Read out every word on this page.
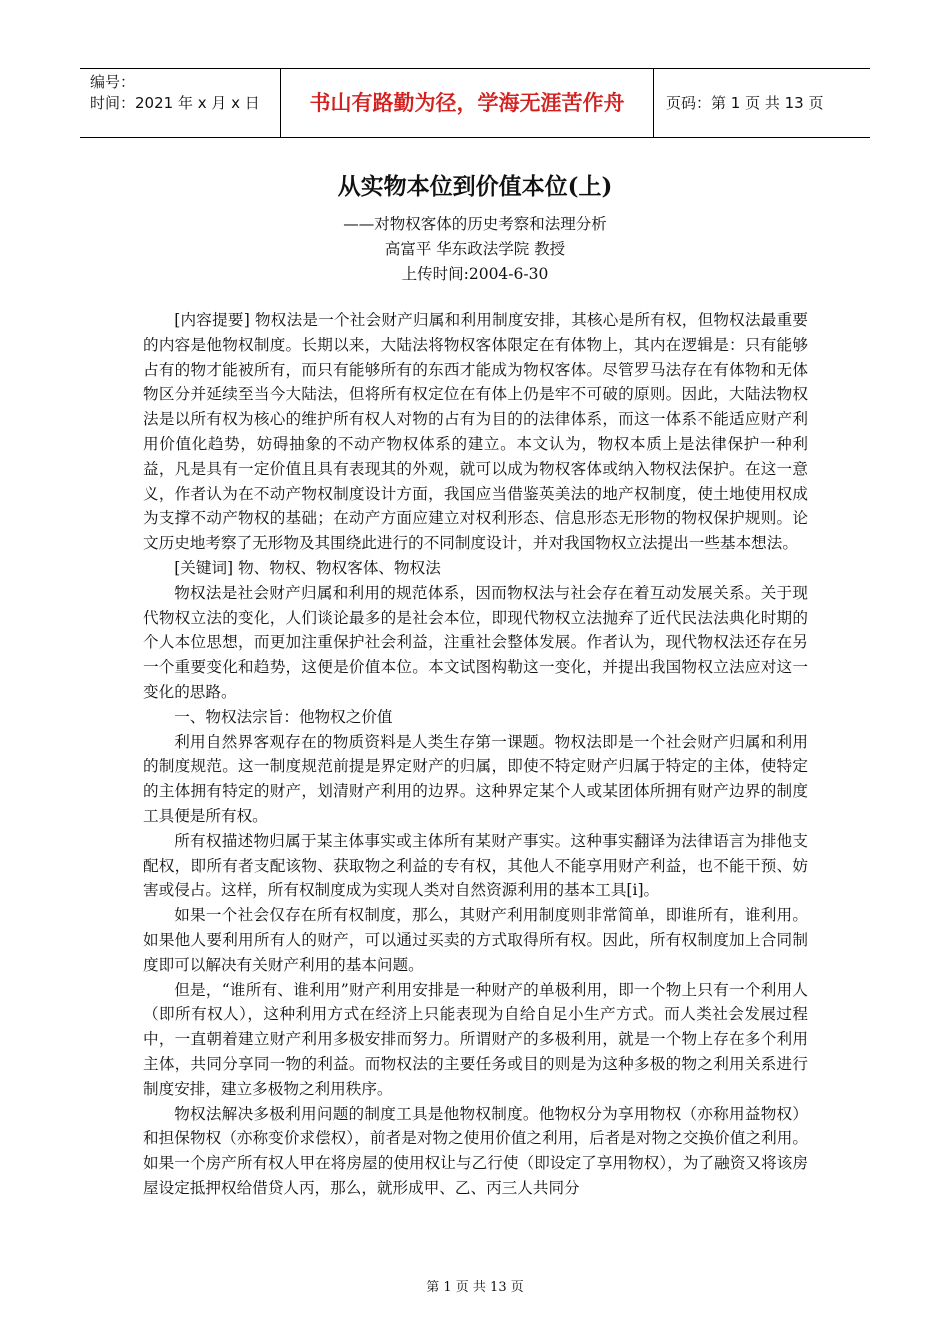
编号：
时间：2021 年 x 月 x 日	书山有路勤为径，学海无涯苦作舟	页码：第 1 页 共 13 页
从实物本位到价值本位(上)
——对物权客体的历史考察和法理分析
高富平 华东政法学院 教授
上传时间:2004-6-30

[内容提要] 物权法是一个社会财产归属和利用制度安排，其核心是所有权，但物权法最重要的内容是他物权制度。长期以来，大陆法将物权客体限定在有体物上，其内在逻辑是：只有能够占有的物才能被所有，而只有能够所有的东西才能成为物权客体。尽管罗马法存在有体物和无体物区分并延续至当今大陆法，但将所有权定位在有体上仍是牢不可破的原则。因此，大陆法物权法是以所有权为核心的维护所有权人对物的占有为目的的法律体系，而这一体系不能适应财产利用价值化趋势，妨碍抽象的不动产物权体系的建立。本文认为，物权本质上是法律保护一种利益，凡是具有一定价值且具有表现其的外观，就可以成为物权客体或纳入物权法保护。在这一意义，作者认为在不动产物权制度设计方面，我国应当借鉴英美法的地产权制度，使土地使用权成为支撑不动产物权的基础；在动产方面应建立对权利形态、信息形态无形物的物权保护规则。论文历史地考察了无形物及其围绕此进行的不同制度设计，并对我国物权立法提出一些基本想法。

[关键词] 物、物权、物权客体、物权法

物权法是社会财产归属和利用的规范体系，因而物权法与社会存在着互动发展关系。关于现代物权立法的变化，人们谈论最多的是社会本位，即现代物权立法抛弃了近代民法法典化时期的个人本位思想，而更加注重保护社会利益，注重社会整体发展。作者认为，现代物权法还存在另一个重要变化和趋势，这便是价值本位。本文试图构勒这一变化，并提出我国物权立法应对这一变化的思路。

一、物权法宗旨：他物权之价值

利用自然界客观存在的物质资料是人类生存第一课题。物权法即是一个社会财产归属和利用的制度规范。这一制度规范前提是界定财产的归属，即使不特定财产归属于特定的主体，使特定的主体拥有特定的财产，划清财产利用的边界。这种界定某个人或某团体所拥有财产边界的制度工具便是所有权。

所有权描述物归属于某主体事实或主体所有某财产事实。这种事实翻译为法律语言为排他支配权，即所有者支配该物、获取物之利益的专有权，其他人不能享用财产利益，也不能干预、妨害或侵占。这样，所有权制度成为实现人类对自然资源利用的基本工具[i]。

如果一个社会仅存在所有权制度，那么，其财产利用制度则非常简单，即谁所有，谁利用。如果他人要利用所有人的财产，可以通过买卖的方式取得所有权。因此，所有权制度加上合同制度即可以解决有关财产利用的基本问题。

但是，“谁所有、谁利用”财产利用安排是一种财产的单极利用，即一个物上只有一个利用人（即所有权人），这种利用方式在经济上只能表现为自给自足小生产方式。而人类社会发展过程中，一直朝着建立财产利用多极安排而努力。所谓财产的多极利用，就是一个物上存在多个利用主体，共同分享同一物的利益。而物权法的主要任务或目的则是为这种多极的物之利用关系进行制度安排，建立多极物之利用秩序。

物权法解决多极利用问题的制度工具是他物权制度。他物权分为享用物权（亦称用益物权）和担保物权（亦称变价求偿权），前者是对物之使用价值之利用，后者是对物之交换价值之利用。如果一个房产所有权人甲在将房屋的使用权让与乙行使（即设定了享用物权），为了融资又将该房屋设定抵押权给借贷人丙，那么，就形成甲、乙、丙三人共同分

第 1 页 共 13 页
